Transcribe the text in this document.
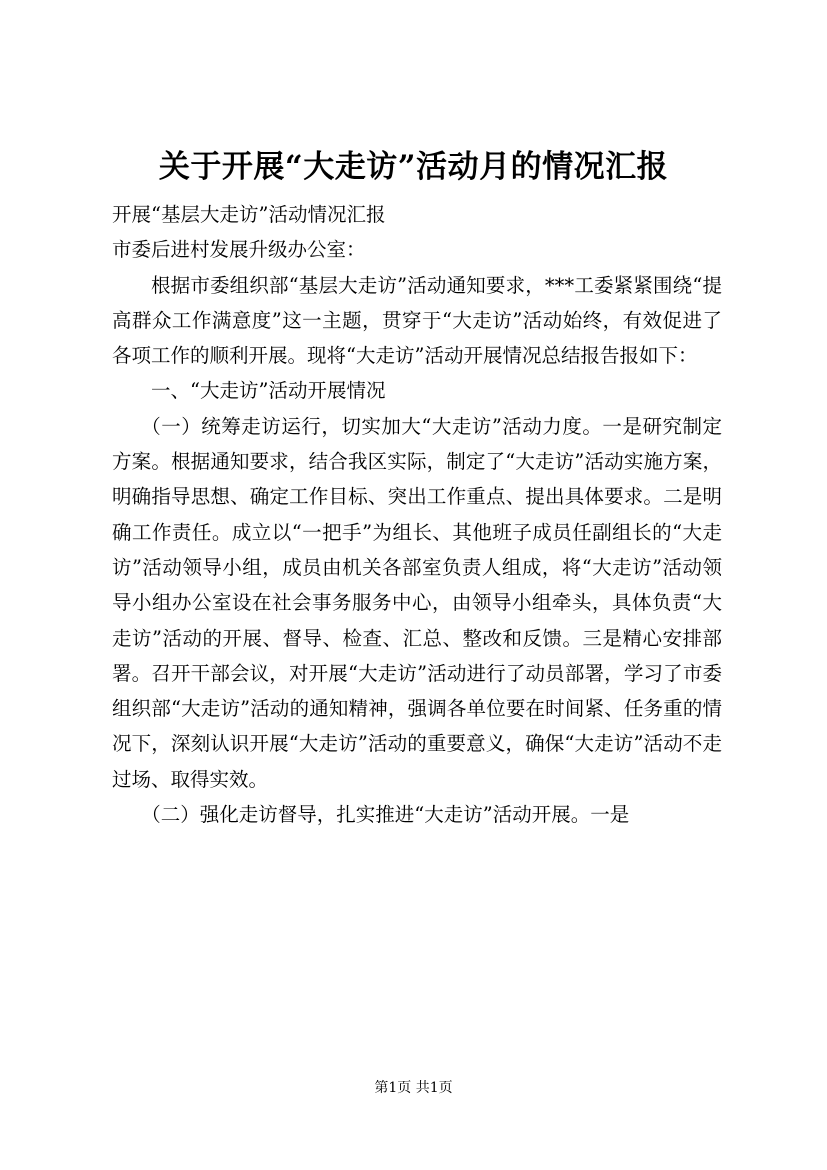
关于开展“大走访”活动月的情况汇报

开展“基层大走访”活动情况汇报

市委后进村发展升级办公室：

根据市委组织部“基层大走访”活动通知要求，***工委紧紧围绕“提高群众工作满意度”这一主题，贯穿于“大走访”活动始终，有效促进了各项工作的顺利开展。现将“大走访”活动开展情况总结报告报如下：

一、“大走访”活动开展情况

（一）统筹走访运行，切实加大“大走访”活动力度。一是研究制定方案。根据通知要求，结合我区实际，制定了“大走访”活动实施方案，明确指导思想、确定工作目标、突出工作重点、提出具体要求。二是明确工作责任。成立以“一把手”为组长、其他班子成员任副组长的“大走访”活动领导小组，成员由机关各部室负责人组成，将“大走访”活动领导小组办公室设在社会事务服务中心，由领导小组牵头，具体负责“大走访”活动的开展、督导、检查、汇总、整改和反馈。三是精心安排部署。召开干部会议，对开展“大走访”活动进行了动员部署，学习了市委组织部“大走访”活动的通知精神，强调各单位要在时间紧、任务重的情况下，深刻认识开展“大走访”活动的重要意义，确保“大走访”活动不走过场、取得实效。

（二）强化走访督导，扎实推进“大走访”活动开展。一是

第1页 共1页
